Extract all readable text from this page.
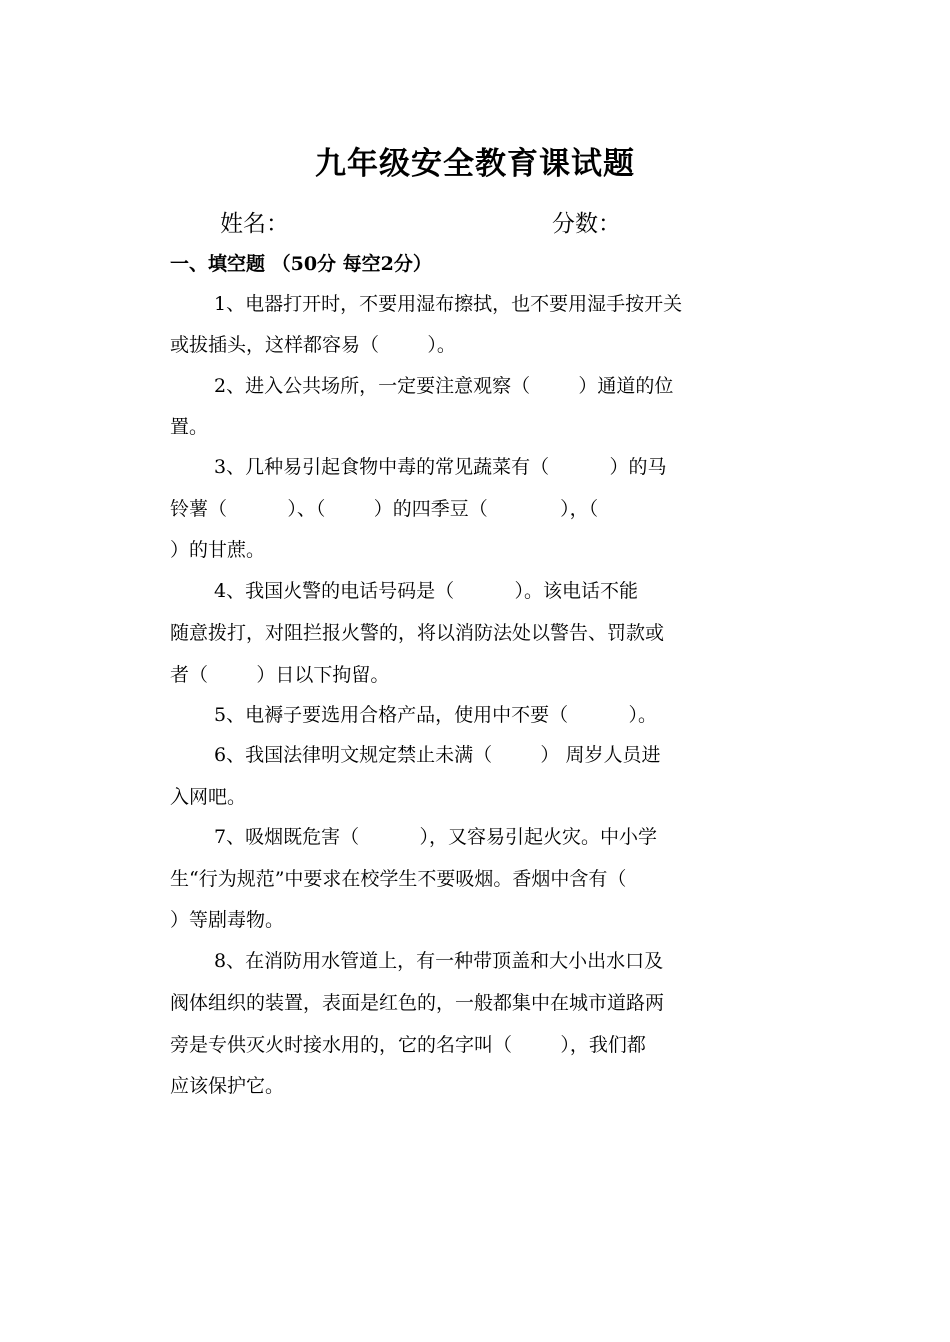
九年级安全教育课试题
姓名：	分数：
一、填空题 （50分 每空2分）
1、电器打开时，不要用湿布擦拭，也不要用湿手按开关
或拔插头，这样都容易（        ）。
2、进入公共场所，一定要注意观察（        ）通道的位
置。
3、几种易引起食物中毒的常见蔬菜有（          ）的马
铃薯（          ）、（        ）的四季豆（            ），（
）的甘蔗。
4、我国火警的电话号码是（          ）。该电话不能
随意拨打，对阻拦报火警的，将以消防法处以警告、罚款或
者（        ）日以下拘留。
5、电褥子要选用合格产品，使用中不要（          ）。
6、我国法律明文规定禁止未满（        ） 周岁人员进
入网吧。
7、吸烟既危害（          ），又容易引起火灾。中小学
生“行为规范”中要求在校学生不要吸烟。香烟中含有（
）等剧毒物。
8、在消防用水管道上，有一种带顶盖和大小出水口及
阀体组织的装置，表面是红色的，一般都集中在城市道路两
旁是专供灭火时接水用的，它的名字叫（        ），我们都
应该保护它。
